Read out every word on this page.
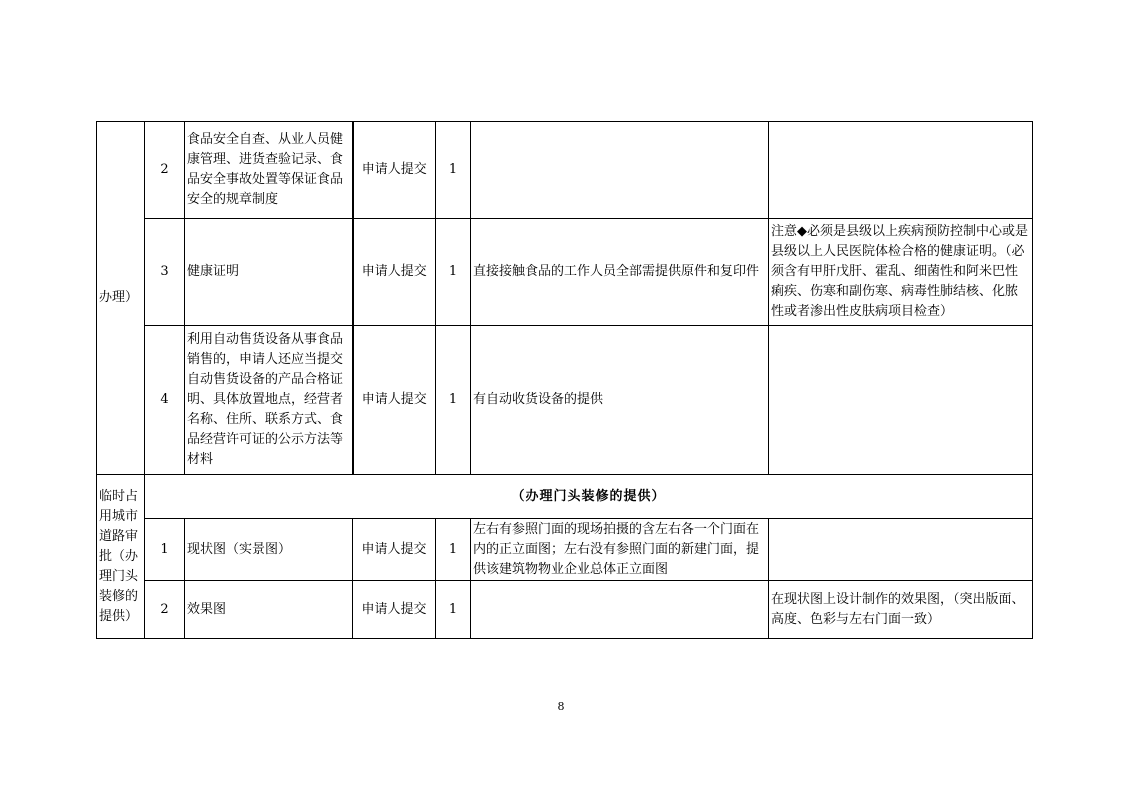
办理）	2	食品安全自查、从业人员健康管理、进货查验记录、食品安全事故处置等保证食品安全的规章制度	申请人提交	1		
	3	健康证明	申请人提交	1	直接接触食品的工作人员全部需提供原件和复印件	注意◆必须是县级以上疾病预防控制中心或是县级以上人民医院体检合格的健康证明。（必须含有甲肝戊肝、霍乱、细菌性和阿米巴性痢疾、伤寒和副伤寒、病毒性肺结核、化脓性或者渗出性皮肤病项目检查）
	4	利用自动售货设备从事食品销售的，申请人还应当提交自动售货设备的产品合格证明、具体放置地点，经营者名称、住所、联系方式、食品经营许可证的公示方法等材料	申请人提交	1	有自动收货设备的提供	
临时占用城市道路审批（办理门头装修的提供）	（办理门头装修的提供）					
	1	现状图（实景图）	申请人提交	1	左右有参照门面的现场拍摄的含左右各一个门面在内的正立面图；左右没有参照门面的新建门面，提供该建筑物物业企业总体正立面图	
	2	效果图	申请人提交	1		在现状图上设计制作的效果图，（突出版面、高度、色彩与左右门面一致）
8
